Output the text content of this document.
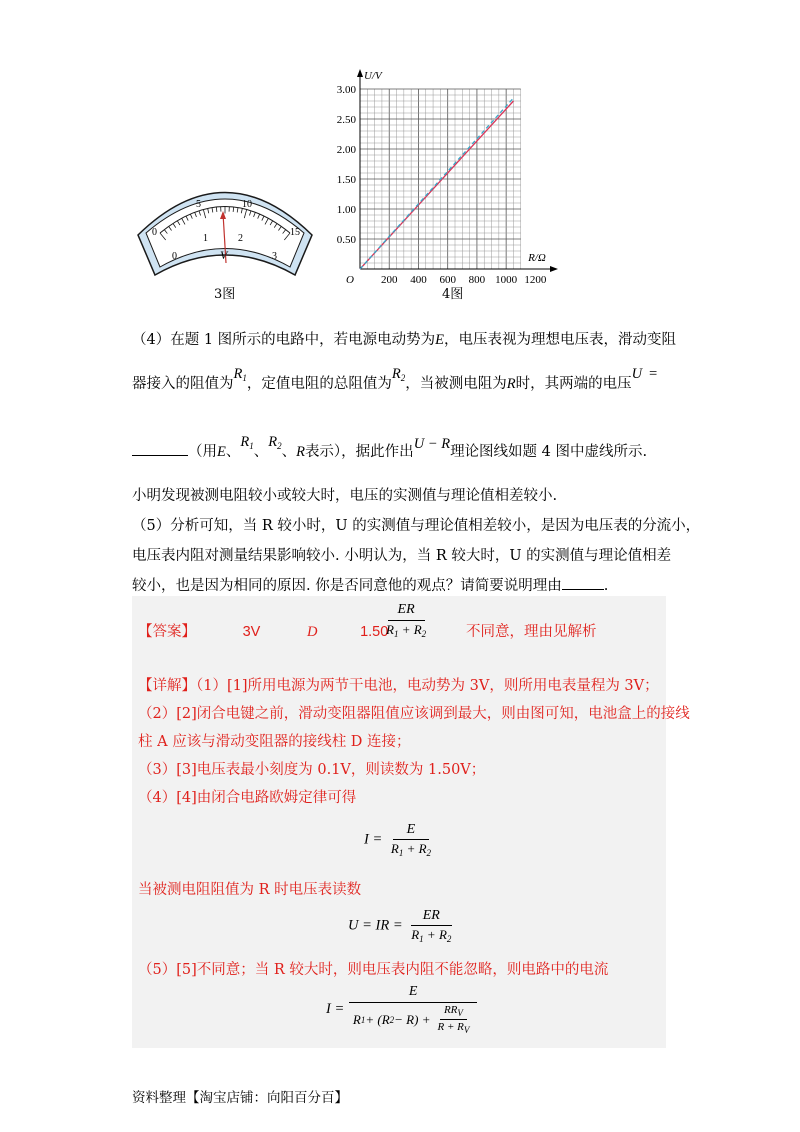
0
5	10
15
0
1	2
3
V
3图
200 400 600 800 1000 1200
0.50
1.00
1.50
2.00
2.50
3.00
O
U/V
R/Ω
4图
（4）在题 1 图所示的电路中，若电源电动势为E，电压表视为理想电压表，滑动变阻
器接入的阻值为$R_1$，定值电阻的总阻值为$R_2$，当被测电阻为R时，其两端的电压U =
（用E、$R_1$、$R_2$、R表示），据此作出U − R理论图线如题 4 图中虚线所示.
小明发现被测电阻较小或较大时，电压的实测值与理论值相差较小.
（5）分析可知，当 R 较小时，U 的实测值与理论值相差较小，是因为电压表的分流小，
电压表内阻对测量结果影响较小. 小明认为，当 R 较大时，U 的实测值与理论值相差
较小，也是因为相同的原因. 你是否同意他的观点？请简要说明理由	.
【答案】	3V	D	1.50
$\frac{ER}{R_1 + R_2}$ 不同意，理由见解析
【详解】（1）[1]所用电源为两节干电池，电动势为 3V，则所用电表量程为 3V；
（2）[2]闭合电键之前，滑动变阻器阻值应该调到最大，则由图可知，电池盒上的接线
柱 A 应该与滑动变阻器的接线柱 D 连接；
（3）[3]电压表最小刻度为 0.1V，则读数为 1.50V；
（4）[4]由闭合电路欧姆定律可得
$I = \frac{E}{R_1 + R_2}$
当被测电阻阻值为 R 时电压表读数
U = IR = $\frac{ER}{R_1 + R_2}$
（5）[5]不同意；当 R 较大时，则电压表内阻不能忽略，则电路中的电流
$I = \frac{E}{R 1 + (R 2 - R) + \frac{RR_V}{R + R_V}}$
资料整理【淘宝店铺：向阳百分百】
